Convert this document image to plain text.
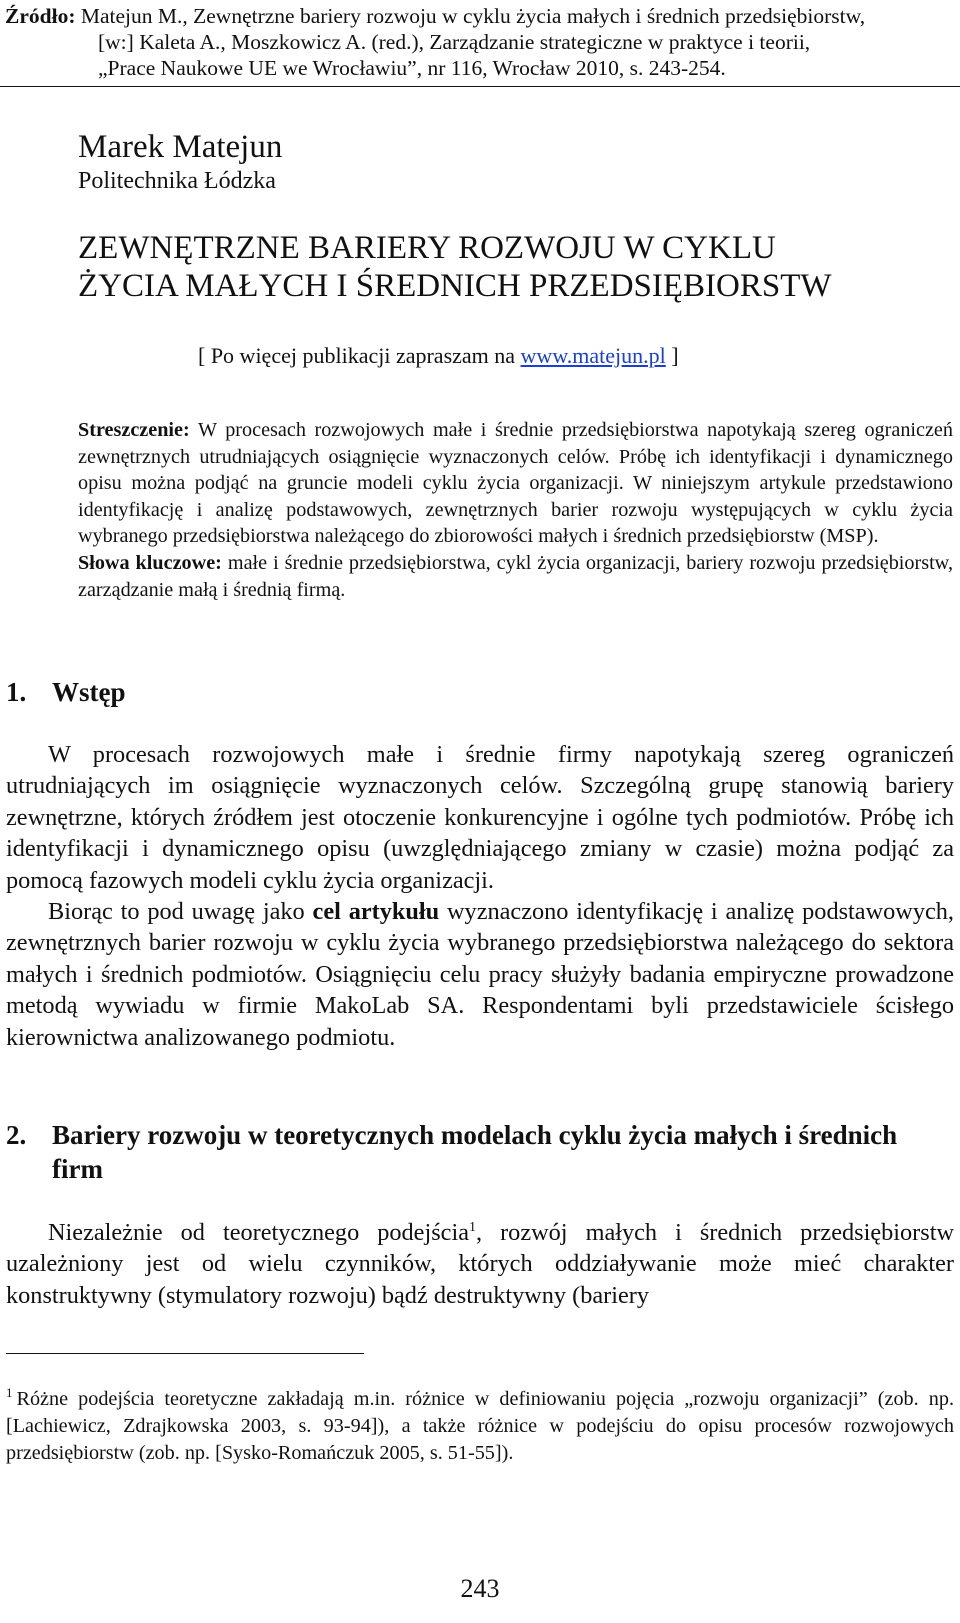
Źródło: Matejun M., Zewnętrzne bariery rozwoju w cyklu życia małych i średnich przedsiębiorstw,
[w:] Kaleta A., Moszkowicz A. (red.), Zarządzanie strategiczne w praktyce i teorii,
„Prace Naukowe UE we Wrocławiu”, nr 116, Wrocław 2010, s. 243-254.
Marek Matejun
Politechnika Łódzka
ZEWNĘTRZNE BARIERY ROZWOJU W CYKLU
ŻYCIA MAŁYCH I ŚREDNICH PRZEDSIĘBIORSTW
[ Po więcej publikacji zapraszam na www.matejun.pl ]

Streszczenie: W procesach rozwojowych małe i średnie przedsiębiorstwa napotykają szereg ograniczeń zewnętrznych utrudniających osiągnięcie wyznaczonych celów. Próbę ich identyfikacji i dynamicznego opisu można podjąć na gruncie modeli cyklu życia organizacji. W niniejszym artykule przedstawiono identyfikację i analizę podstawowych, zewnętrznych barier rozwoju występujących w cyklu życia wybranego przedsiębiorstwa należącego do zbiorowości małych i średnich przedsiębiorstw (MSP).

Słowa kluczowe: małe i średnie przedsiębiorstwa, cykl życia organizacji, bariery rozwoju przedsiębiorstw, zarządzanie małą i średnią firmą.

1. Wstęp

W procesach rozwojowych małe i średnie firmy napotykają szereg ograniczeń utrudniających im osiągnięcie wyznaczonych celów. Szczególną grupę stanowią bariery zewnętrzne, których źródłem jest otoczenie konkurencyjne i ogólne tych podmiotów. Próbę ich identyfikacji i dynamicznego opisu (uwzględniającego zmiany w czasie) można podjąć za pomocą fazowych modeli cyklu życia organizacji.

Biorąc to pod uwagę jako cel artykułu wyznaczono identyfikację i analizę podstawowych, zewnętrznych barier rozwoju w cyklu życia wybranego przedsiębiorstwa należącego do sektora małych i średnich podmiotów. Osiągnięciu celu pracy służyły badania empiryczne prowadzone metodą wywiadu w firmie MakoLab SA. Respondentami byli przedstawiciele ścisłego kierownictwa analizowanego podmiotu.

2. Bariery rozwoju w teoretycznych modelach cyklu życia małych i średnich firm

Niezależnie od teoretycznego podejścia$^1$, rozwój małych i średnich przedsiębiorstw uzależniony jest od wielu czynników, których oddziaływanie może mieć charakter konstruktywny (stymulatory rozwoju) bądź destruktywny (bariery

$^1$ Różne podejścia teoretyczne zakładają m.in. różnice w definiowaniu pojęcia „rozwoju organizacji” (zob. np. [Lachiewicz, Zdrajkowska 2003, s. 93-94]), a także różnice w podejściu do opisu procesów rozwojowych przedsiębiorstw (zob. np. [Sysko-Romańczuk 2005, s. 51-55]).
243
